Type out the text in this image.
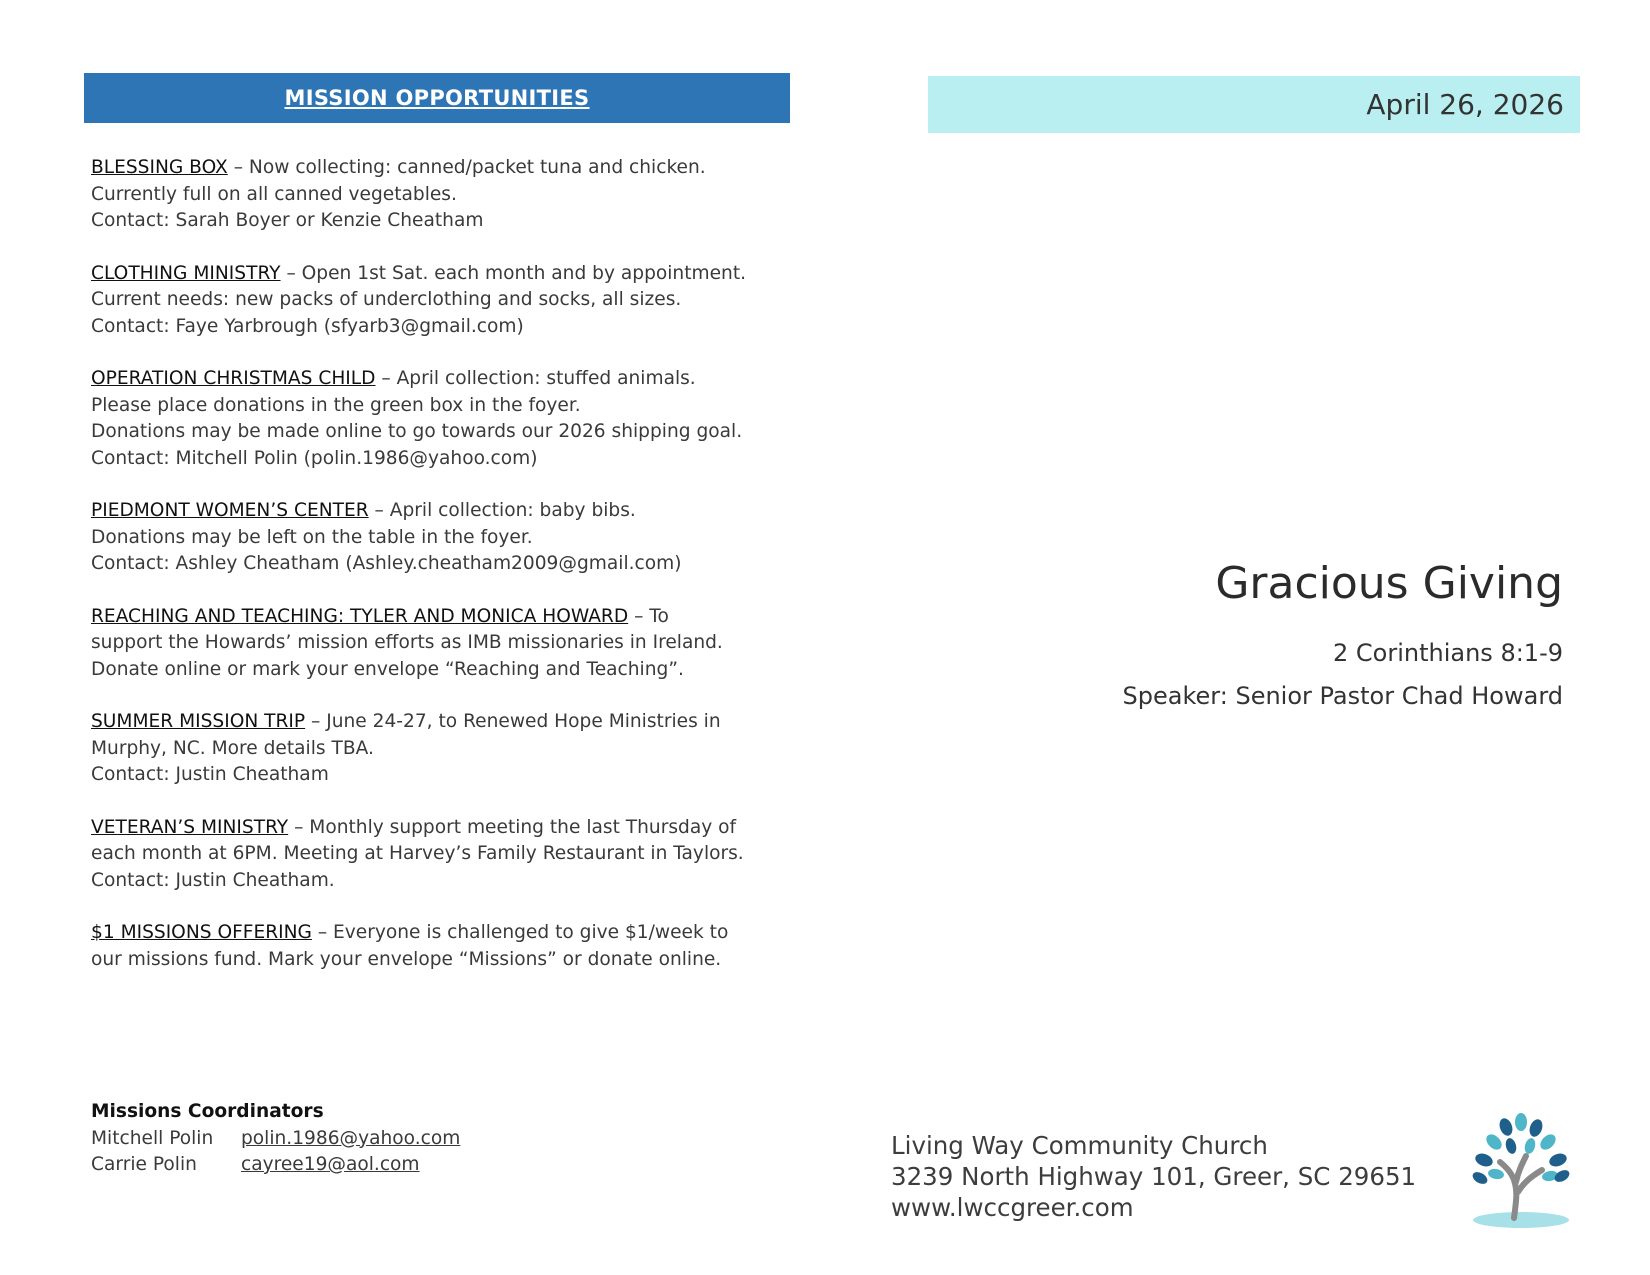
MISSION OPPORTUNITIES
BLESSING BOX – Now collecting: canned/packet tuna and chicken.
Currently full on all canned vegetables.
Contact: Sarah Boyer or Kenzie Cheatham
CLOTHING MINISTRY – Open 1st Sat. each month and by appointment.
Current needs: new packs of underclothing and socks, all sizes.
Contact: Faye Yarbrough (sfyarb3@gmail.com)
OPERATION CHRISTMAS CHILD – April collection: stuffed animals.
Please place donations in the green box in the foyer.
Donations may be made online to go towards our 2026 shipping goal.
Contact: Mitchell Polin (polin.1986@yahoo.com)
PIEDMONT WOMEN’S CENTER – April collection: baby bibs.
Donations may be left on the table in the foyer.
Contact: Ashley Cheatham (Ashley.cheatham2009@gmail.com)
REACHING AND TEACHING: TYLER AND MONICA HOWARD – To
support the Howards’ mission efforts as IMB missionaries in Ireland.
Donate online or mark your envelope “Reaching and Teaching”.
SUMMER MISSION TRIP – June 24-27, to Renewed Hope Ministries in
Murphy, NC. More details TBA.
Contact: Justin Cheatham
VETERAN’S MINISTRY – Monthly support meeting the last Thursday of
each month at 6PM. Meeting at Harvey’s Family Restaurant in Taylors.
Contact: Justin Cheatham.
$1 MISSIONS OFFERING – Everyone is challenged to give $1/week to
our missions fund. Mark your envelope “Missions” or donate online.
Missions Coordinators
Mitchell Polin	polin.1986@yahoo.com
Carrie Polin	cayree19@aol.com
April 26, 2026
Gracious Giving
2 Corinthians 8:1-9
Speaker: Senior Pastor Chad Howard
Living Way Community Church
3239 North Highway 101, Greer, SC 29651
www.lwccgreer.com
